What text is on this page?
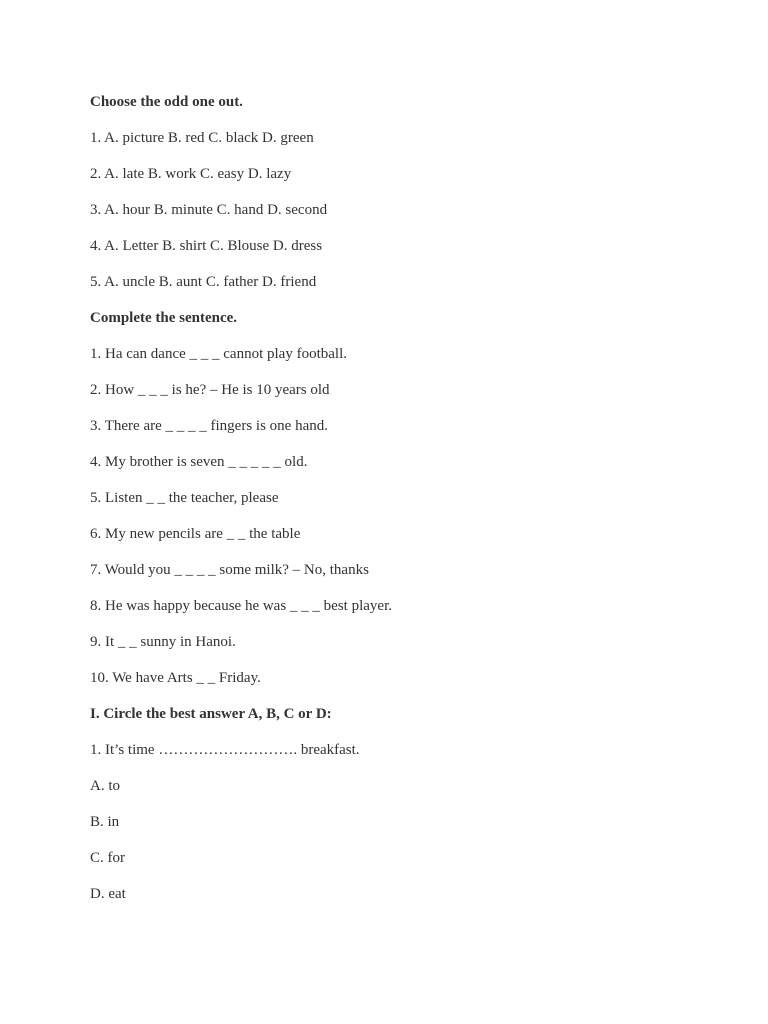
Choose the odd one out.
1. A. picture B. red C. black D. green
2. A. late B. work C. easy D. lazy
3. A. hour B. minute C. hand D. second
4. A. Letter B. shirt C. Blouse D. dress
5. A. uncle B. aunt C. father D. friend
Complete the sentence.
1. Ha can dance _ _ _ cannot play football.
2. How _ _ _ is he? – He is 10 years old
3. There are _ _ _ _ fingers is one hand.
4. My brother is seven _ _ _ _ _ old.
5. Listen _ _ the teacher, please
6. My new pencils are _ _ the table
7. Would you _ _ _ _ some milk? – No, thanks
8. He was happy because he was _ _ _ best player.
9. It _ _ sunny in Hanoi.
10. We have Arts _ _ Friday.
I. Circle the best answer A, B, C or D:
1. It’s time ………………………. breakfast.
A. to
B. in
C. for
D. eat
